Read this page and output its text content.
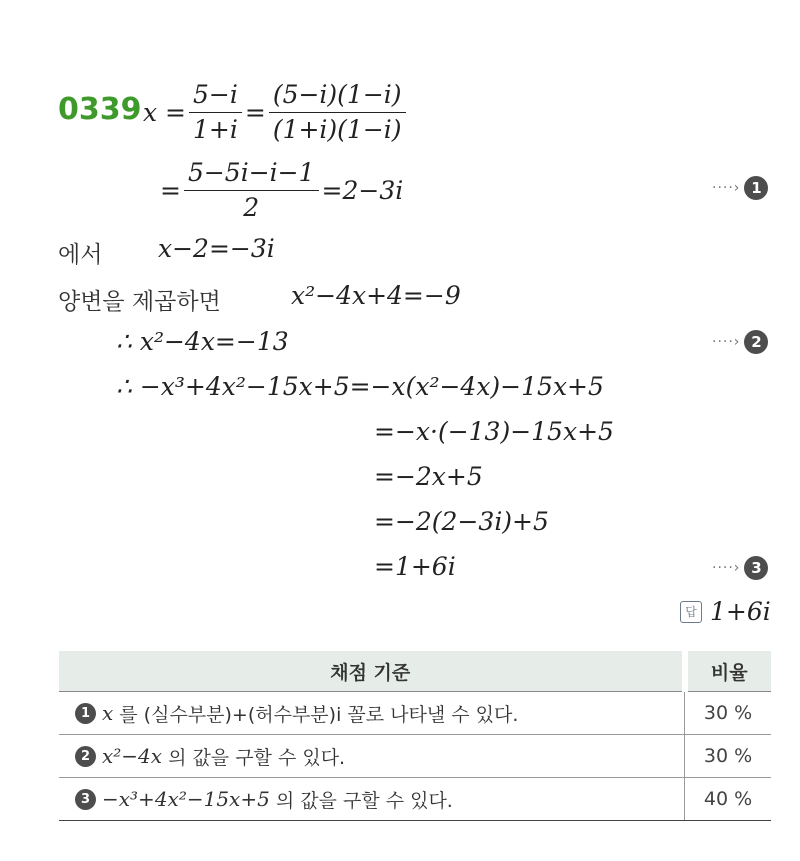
0339 $x = \frac{5-i}{1+i} = \frac{(5-i)(1-i)}{(1+i)(1-i)}$
= $\frac{5-5i-i-1}{2} =2-3i$	····› 1
에서 x−2=−3i
양변을 제곱하면	x²−4x+4=−9
∴ x²−4x=−13	····› 2
∴ −x³+4x²−15x+5=−x(x²−4x)−15x+5
=−x·(−13)−15x+5
=−2x+5
=−2(2−3i)+5
=1+6i	····› 3
답 1+6i
채점 기준	비율

1 x 를 (실수부분)+(허수부분)i 꼴로 나타낼 수 있다.	30 %

2 x²−4x 의 값을 구할 수 있다.	30 %

3 −x³+4x²−15x+5 의 값을 구할 수 있다.	40 %
